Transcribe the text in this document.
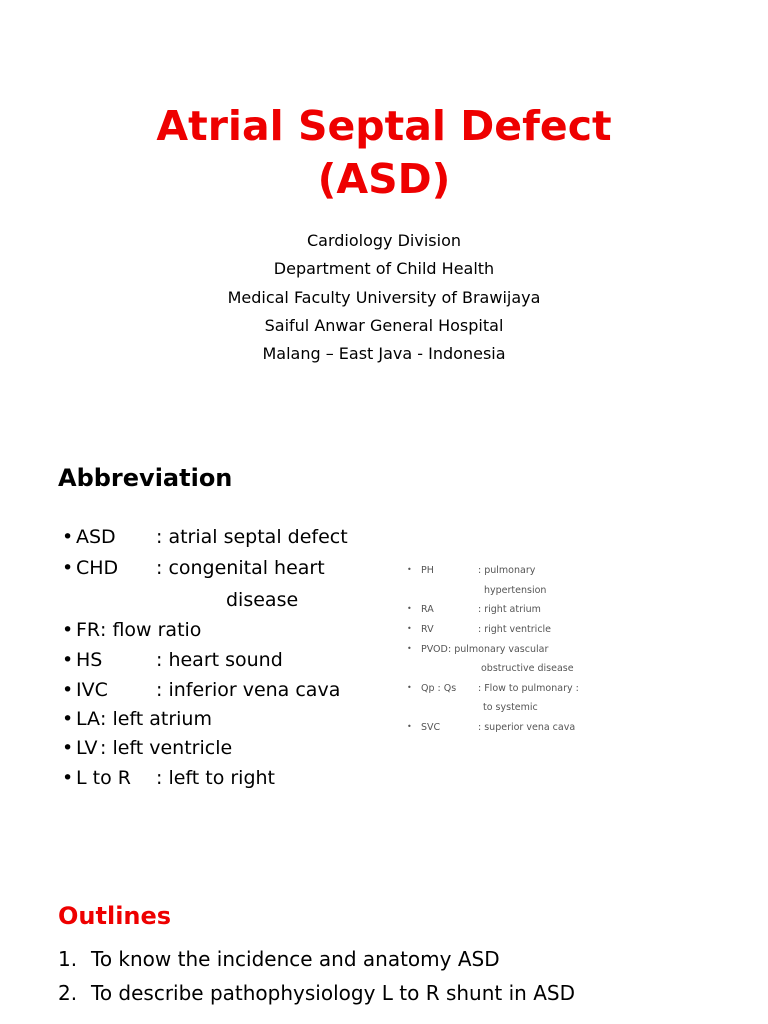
Atrial Septal Defect
(ASD)

Cardiology Division

Department of Child Health

Medical Faculty University of Brawijaya

Saiful Anwar General Hospital

Malang – East Java - Indonesia

Abbreviation
• ASD : atrial septal defect
• CHD : congenital heart
disease
• FR : flow ratio
• HS	: heart sound
• IVC	: inferior vena cava
• LA : left atrium
• LV : left ventricle
• L to R : left to right
• PH	: pulmonary
hypertension
• RA	: right atrium
• RV	: right ventricle
• PVOD : pulmonary vascular
obstructive disease
• Qp : Qs : Flow to pulmonary :
to systemic
• SVC	: superior vena cava
Outlines
1. To know the incidence and anatomy ASD
2. To describe pathophysiology L to R shunt in ASD
